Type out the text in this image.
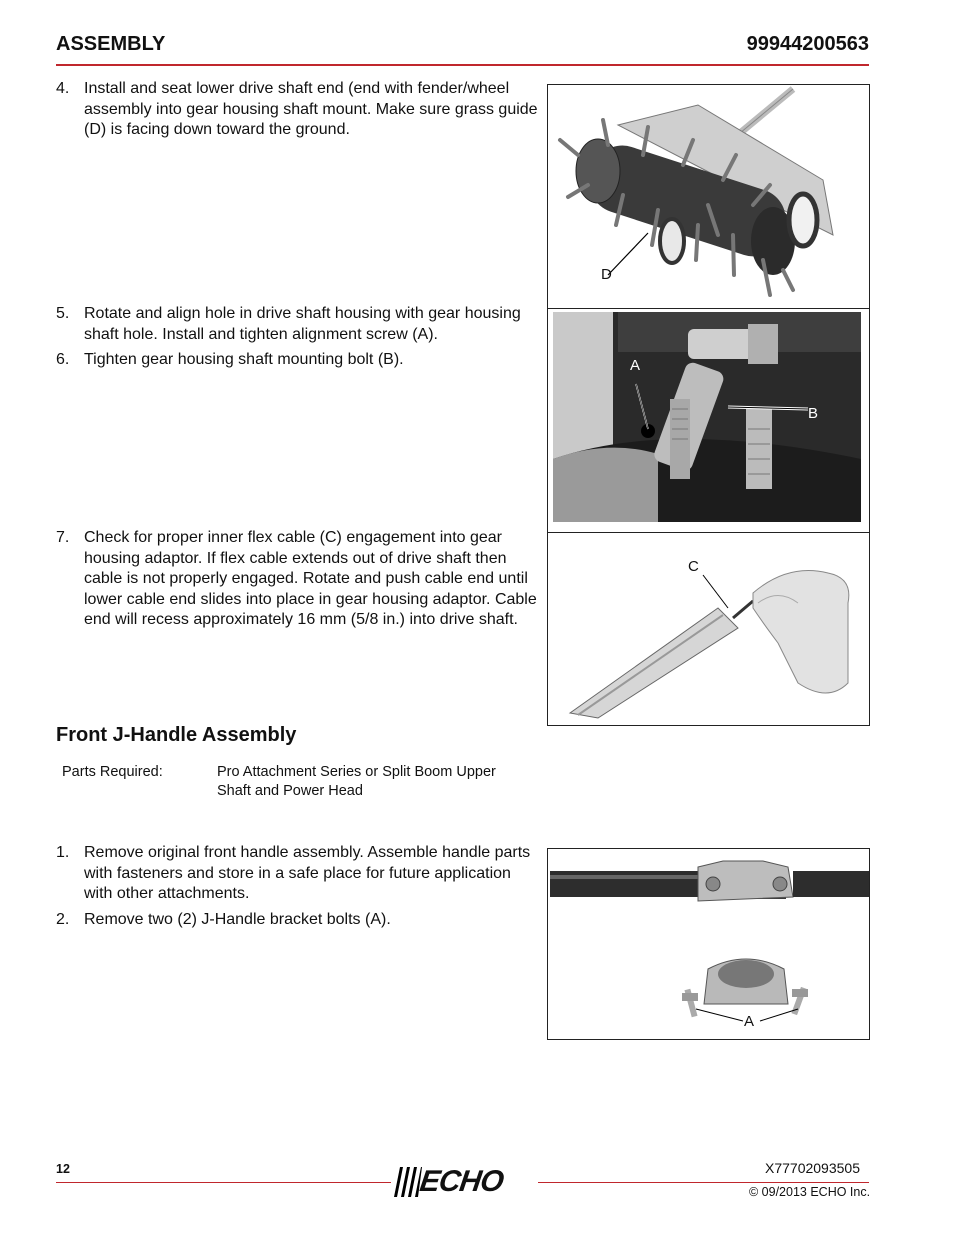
ASSEMBLY	99944200563
4. Install and seat lower drive shaft end (end with fender/wheel assembly into gear housing shaft mount. Make sure grass guide (D) is facing down toward the ground.
D
5. Rotate and align hole in drive shaft housing with gear housing shaft hole. Install and tighten alignment screw (A).
6. Tighten gear housing shaft mounting bolt (B).	A
B
7. Check for proper inner flex cable (C) engagement into gear housing adaptor. If flex cable extends out of drive shaft then cable is not properly engaged. Rotate and push cable end until lower cable end slides into place in gear housing adaptor. Cable end will recess approximately 16 mm (5/8 in.) into drive shaft.
C
Front J-Handle Assembly
Parts Required:	Pro Attachment Series or Split Boom Upper
Shaft and Power Head
1. Remove original front handle assembly. Assemble handle parts with fasteners and store in a safe place for future application with other attachments.
2. Remove two (2) J-Handle bracket bolts (A).
A
12	X77702093505
ECHO	© 09/2013 ECHO Inc.
